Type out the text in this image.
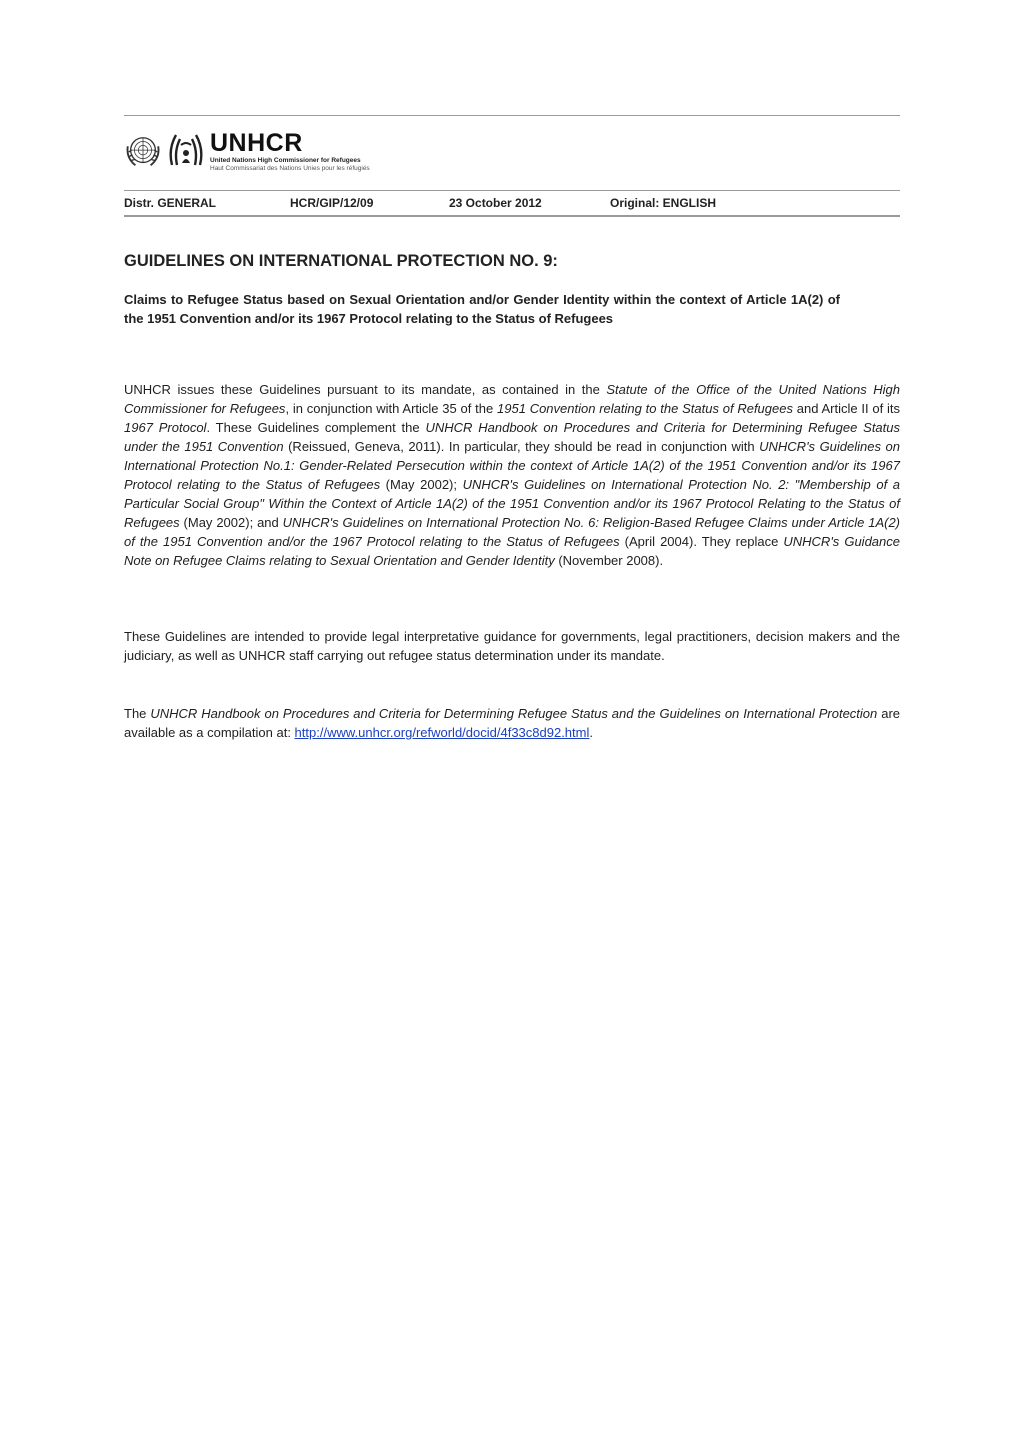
UNHCR
United Nations High Commissioner for Refugees
Haut Commissariat des Nations Unies pour les réfugiés
Distr. GENERAL	HCR/GIP/12/09	23 October 2012	Original: ENGLISH
GUIDELINES ON INTERNATIONAL PROTECTION NO. 9:
Claims to Refugee Status based on Sexual Orientation and/or Gender Identity within the context of Article 1A(2) of the 1951 Convention and/or its 1967 Protocol relating to the Status of Refugees
UNHCR issues these Guidelines pursuant to its mandate, as contained in the Statute of the Office of the United Nations High Commissioner for Refugees, in conjunction with Article 35 of the 1951 Convention relating to the Status of Refugees and Article II of its 1967 Protocol. These Guidelines complement the UNHCR Handbook on Procedures and Criteria for Determining Refugee Status under the 1951 Convention (Reissued, Geneva, 2011). In particular, they should be read in conjunction with UNHCR's Guidelines on International Protection No.1: Gender-Related Persecution within the context of Article 1A(2) of the 1951 Convention and/or its 1967 Protocol relating to the Status of Refugees (May 2002); UNHCR's Guidelines on International Protection No. 2: "Membership of a Particular Social Group" Within the Context of Article 1A(2) of the 1951 Convention and/or its 1967 Protocol Relating to the Status of Refugees (May 2002); and UNHCR's Guidelines on International Protection No. 6: Religion-Based Refugee Claims under Article 1A(2) of the 1951 Convention and/or the 1967 Protocol relating to the Status of Refugees (April 2004). They replace UNHCR's Guidance Note on Refugee Claims relating to Sexual Orientation and Gender Identity (November 2008).
These Guidelines are intended to provide legal interpretative guidance for governments, legal practitioners, decision makers and the judiciary, as well as UNHCR staff carrying out refugee status determination under its mandate.
The UNHCR Handbook on Procedures and Criteria for Determining Refugee Status and the Guidelines on International Protection are available as a compilation at: http://www.unhcr.org/refworld/docid/4f33c8d92.html.
